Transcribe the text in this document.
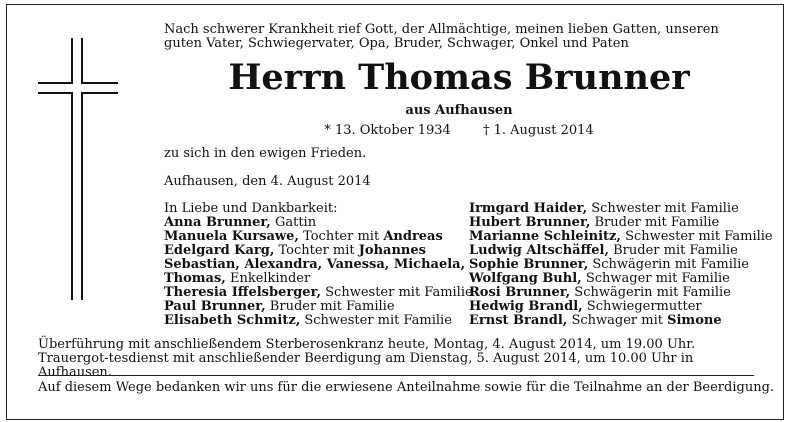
Nach schwerer Krankheit rief Gott, der Allmächtige, meinen lieben Gatten, unseren guten Vater, Schwiegervater, Opa, Bruder, Schwager, Onkel und Paten
Herrn Thomas Brunner
aus Aufhausen
* 13. Oktober 1934 † 1. August 2014
zu sich in den ewigen Frieden.
Aufhausen, den 4. August 2014
In Liebe und Dankbarkeit:
Anna Brunner, Gattin
Manuela Kursawe, Tochter mit Andreas
Edelgard Karg, Tochter mit Johannes
Sebastian, Alexandra, Vanessa, Michaela,
Thomas, Enkelkinder
Theresia Iffelsberger, Schwester mit Familie
Paul Brunner, Bruder mit Familie
Elisabeth Schmitz, Schwester mit Familie
Irmgard Haider, Schwester mit Familie
Hubert Brunner, Bruder mit Familie
Marianne Schleinitz, Schwester mit Familie
Ludwig Altschäffel, Bruder mit Familie
Sophie Brunner, Schwägerin mit Familie
Wolfgang Buhl, Schwager mit Familie
Rosi Brunner, Schwägerin mit Familie
Hedwig Brandl, Schwiegermutter
Ernst Brandl, Schwager mit Simone
Überführung mit anschließendem Sterberosenkranz heute, Montag, 4. August 2014, um 19.00 Uhr. Trauergot-tesdienst mit anschließender Beerdigung am Dienstag, 5. August 2014, um 10.00 Uhr in Aufhausen.
Auf diesem Wege bedanken wir uns für die erwiesene Anteilnahme sowie für die Teilnahme an der Beerdigung.
